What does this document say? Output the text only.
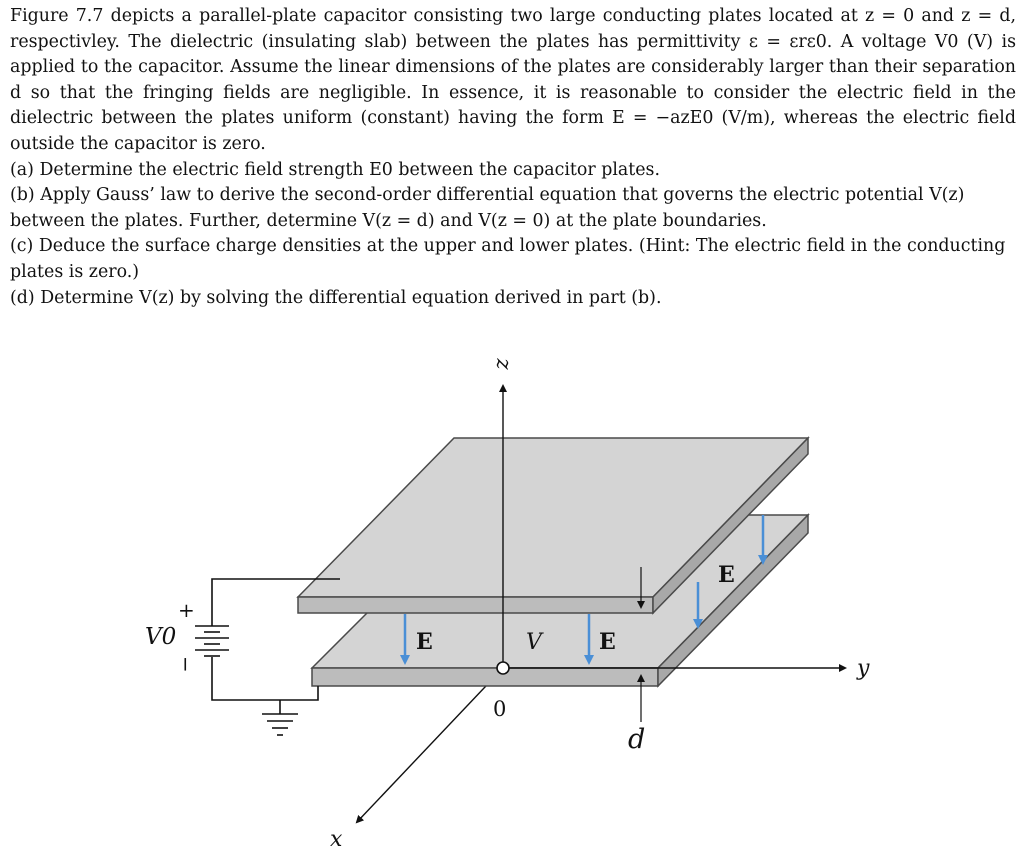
Figure 7.7 depicts a parallel-plate capacitor consisting two large conducting plates located at z = 0 and z = d, respectivley. The dielectric (insulating slab) between the plates has permittivity ε = εrε0. A voltage V0 (V) is applied to the capacitor. Assume the linear dimensions of the plates are considerably larger than their separation d so that the fringing fields are negligible. In essence, it is reasonable to consider the electric field in the dielectric between the plates uniform (constant) having the form E = −azE0 (V/m), whereas the electric field outside the capacitor is zero.

(a) Determine the electric field strength E0 between the capacitor plates.

(b) Apply Gauss’ law to derive the second-order differential equation that governs the electric potential V(z) between the plates. Further, determine V(z = d) and V(z = 0) at the plate boundaries.

(c) Deduce the surface charge densities at the upper and lower plates. (Hint: The electric field in the conducting plates is zero.)

(d) Determine V(z) by solving the differential equation derived in part (b).

z
y
x
0
d
E	V	E
E
V0
+
−
